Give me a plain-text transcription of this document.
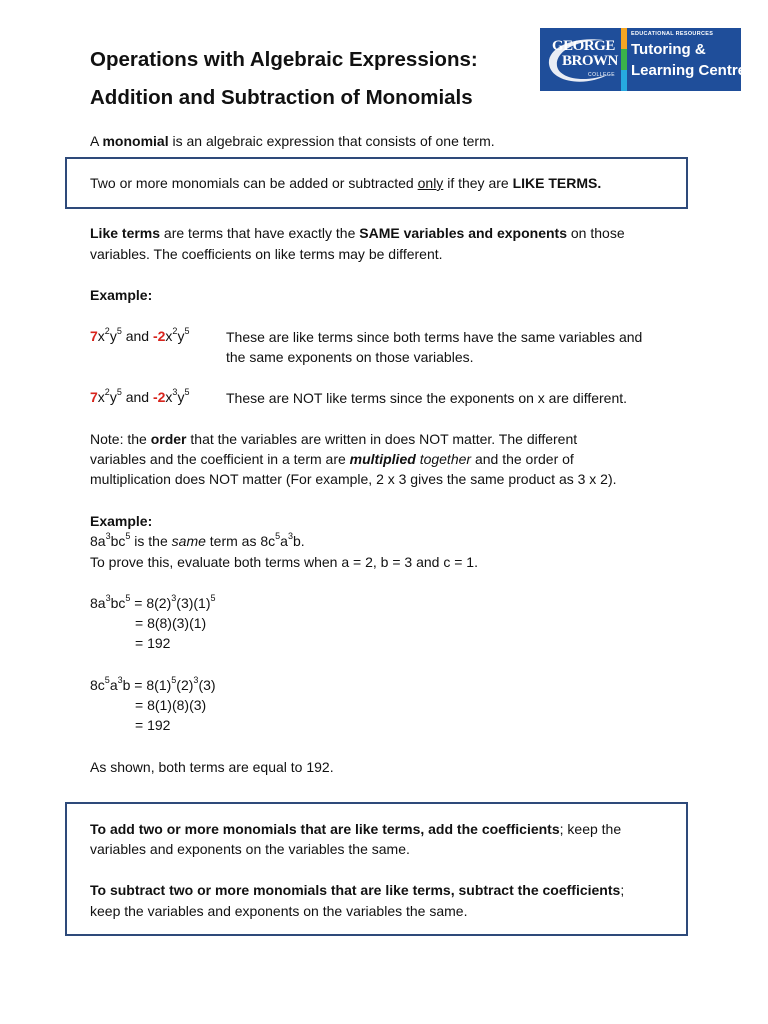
Operations with Algebraic Expressions:
Addition and Subtraction of Monomials
GEORGE
BROWN
COLLEGE
EDUCATIONAL RESOURCES
Tutoring &
Learning Centre
A monomial is an algebraic expression that consists of one term.
Two or more monomials can be added or subtracted only if they are LIKE TERMS.
Like terms are terms that have exactly the SAME variables and exponents on those
variables. The coefficients on like terms may be different.
Example:
$7x^2y^5$ and $-2x^2y^5$	These are like terms since both terms have the same variables and
the same exponents on those variables.
$7x^2y^5$ and $-2x^3y^5$	These are NOT like terms since the exponents on x are different.
Note: the order that the variables are written in does NOT matter. The different
variables and the coefficient in a term are multiplied together and the order of
multiplication does NOT matter (For example, 2 x 3 gives the same product as 3 x 2).
Example:
$8a^3bc^5$ is the same term as $8c^5a^3b$.
To prove this, evaluate both terms when a = 2, b = 3 and c = 1.
$8a^3bc^5 = 8(2)^3(3)(1)^5$
= 8(8)(3)(1)
= 192
$8c^5a^3b = 8(1)^5(2)^3(3)$
= 8(1)(8)(3)
= 192
As shown, both terms are equal to 192.
To add two or more monomials that are like terms, add the coefficients; keep the
variables and exponents on the variables the same.
To subtract two or more monomials that are like terms, subtract the coefficients;
keep the variables and exponents on the variables the same.
